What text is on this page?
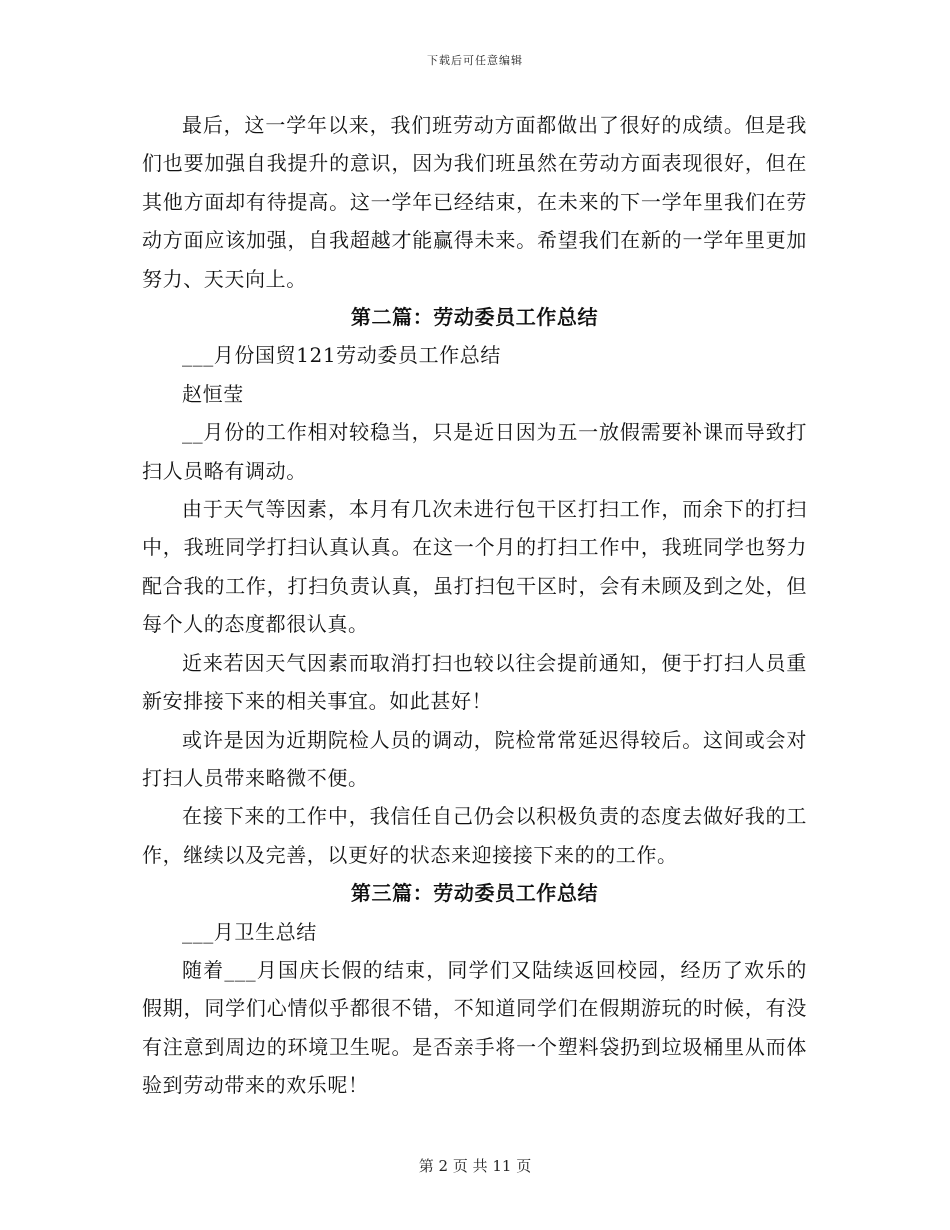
下载后可任意编辑

最后，这一学年以来，我们班劳动方面都做出了很好的成绩。但是我们也要加强自我提升的意识，因为我们班虽然在劳动方面表现很好，但在其他方面却有待提高。这一学年已经结束，在未来的下一学年里我们在劳动方面应该加强，自我超越才能赢得未来。希望我们在新的一学年里更加努力、天天向上。

第二篇：劳动委员工作总结

___月份国贸121劳动委员工作总结

赵恒莹

__月份的工作相对较稳当，只是近日因为五一放假需要补课而导致打扫人员略有调动。

由于天气等因素，本月有几次未进行包干区打扫工作，而余下的打扫中，我班同学打扫认真认真。在这一个月的打扫工作中，我班同学也努力配合我的工作，打扫负责认真，虽打扫包干区时，会有未顾及到之处，但每个人的态度都很认真。

近来若因天气因素而取消打扫也较以往会提前通知，便于打扫人员重新安排接下来的相关事宜。如此甚好！

或许是因为近期院检人员的调动，院检常常延迟得较后。这间或会对打扫人员带来略微不便。

在接下来的工作中，我信任自己仍会以积极负责的态度去做好我的工作，继续以及完善，以更好的状态来迎接接下来的的工作。

第三篇：劳动委员工作总结

___月卫生总结

随着___月国庆长假的结束，同学们又陆续返回校园，经历了欢乐的假期，同学们心情似乎都很不错，不知道同学们在假期游玩的时候，有没有注意到周边的环境卫生呢。是否亲手将一个塑料袋扔到垃圾桶里从而体验到劳动带来的欢乐呢！

第 2 页 共 11 页
